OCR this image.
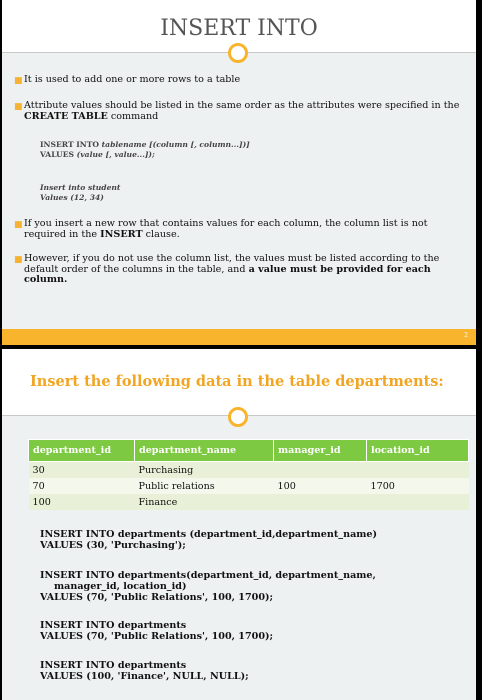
INSERT INTO
■ It is used to add one or more rows to a table
■ Attribute values should be listed in the same order as the attributes were specified in the CREATE TABLE command
INSERT INTO tablename [(column [, column...])]
VALUES (value [, value...]);
Insert into student
Values (12, 34)
■ If you insert a new row that contains values for each column, the column list is not required in the INSERT clause.
■ However, if you do not use the column list, the values must be listed according to the default order of the columns in the table, and a value must be provided for each column.
2
Insert the following data in the table departments:
department_id	department_name	manager_id	location_id
30	Purchasing		
70	Public relations	100	1700
100	Finance		
INSERT INTO departments (department_id,department_name)
VALUES (30, 'Purchasing');
INSERT INTO departments(department_id, department_name,
manager_id, location_id)
VALUES (70, 'Public Relations', 100, 1700);
INSERT INTO departments
VALUES (70, 'Public Relations', 100, 1700);
INSERT INTO departments
VALUES (100, 'Finance', NULL, NULL);
